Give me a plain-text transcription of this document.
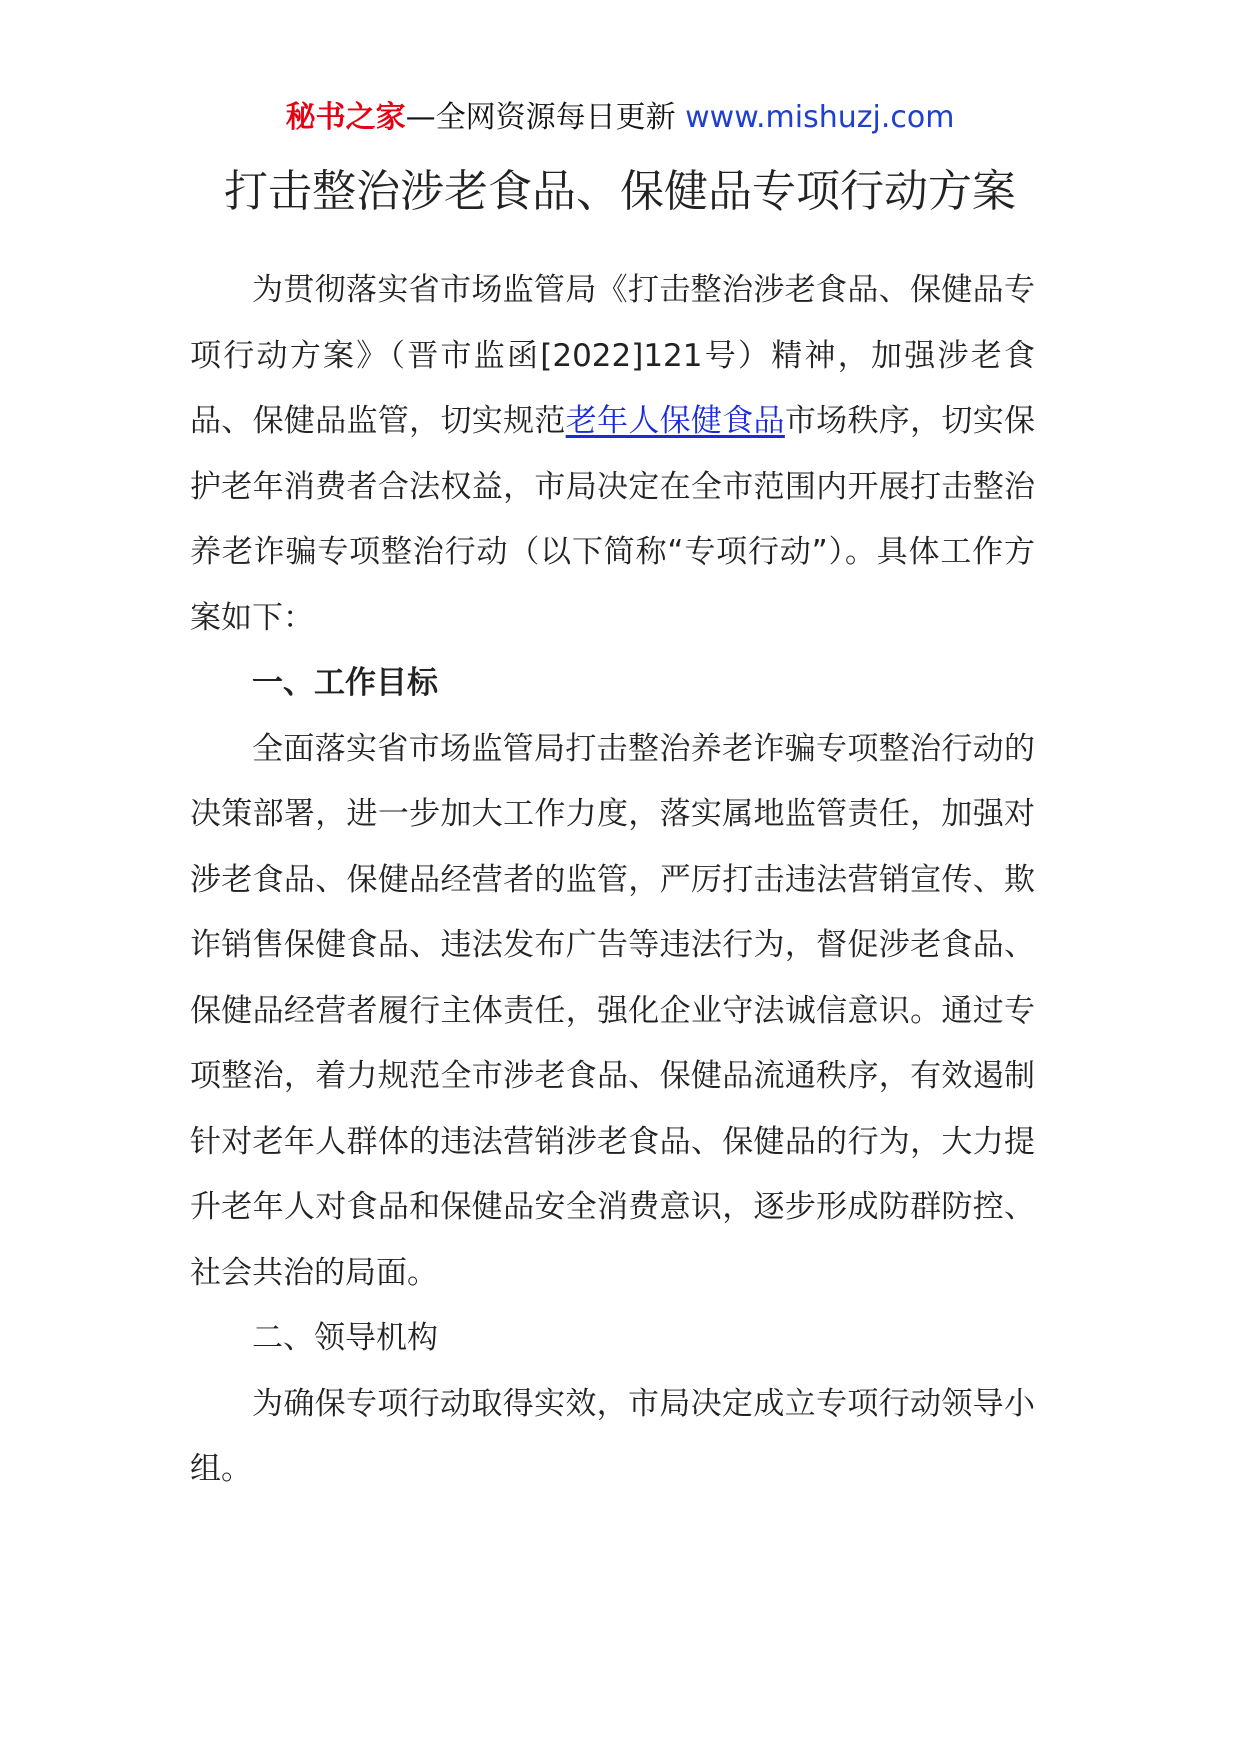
秘书之家—全网资源每日更新 www.mishuzj.com
打击整治涉老食品、保健品专项行动方案

为贯彻落实省市场监管局《打击整治涉老食品、保健品专项行动方案》（晋市监函[2022]121号）精神，加强涉老食品、保健品监管，切实规范老年人保健食品市场秩序，切实保护老年消费者合法权益，市局决定在全市范围内开展打击整治养老诈骗专项整治行动（以下简称“专项行动”）。具体工作方案如下：

一、工作目标

全面落实省市场监管局打击整治养老诈骗专项整治行动的决策部署，进一步加大工作力度，落实属地监管责任，加强对涉老食品、保健品经营者的监管，严厉打击违法营销宣传、欺诈销售保健食品、违法发布广告等违法行为，督促涉老食品、保健品经营者履行主体责任，强化企业守法诚信意识。通过专项整治，着力规范全市涉老食品、保健品流通秩序，有效遏制针对老年人群体的违法营销涉老食品、保健品的行为，大力提升老年人对食品和保健品安全消费意识，逐步形成防群防控、社会共治的局面。

二、领导机构

为确保专项行动取得实效，市局决定成立专项行动领导小组。
